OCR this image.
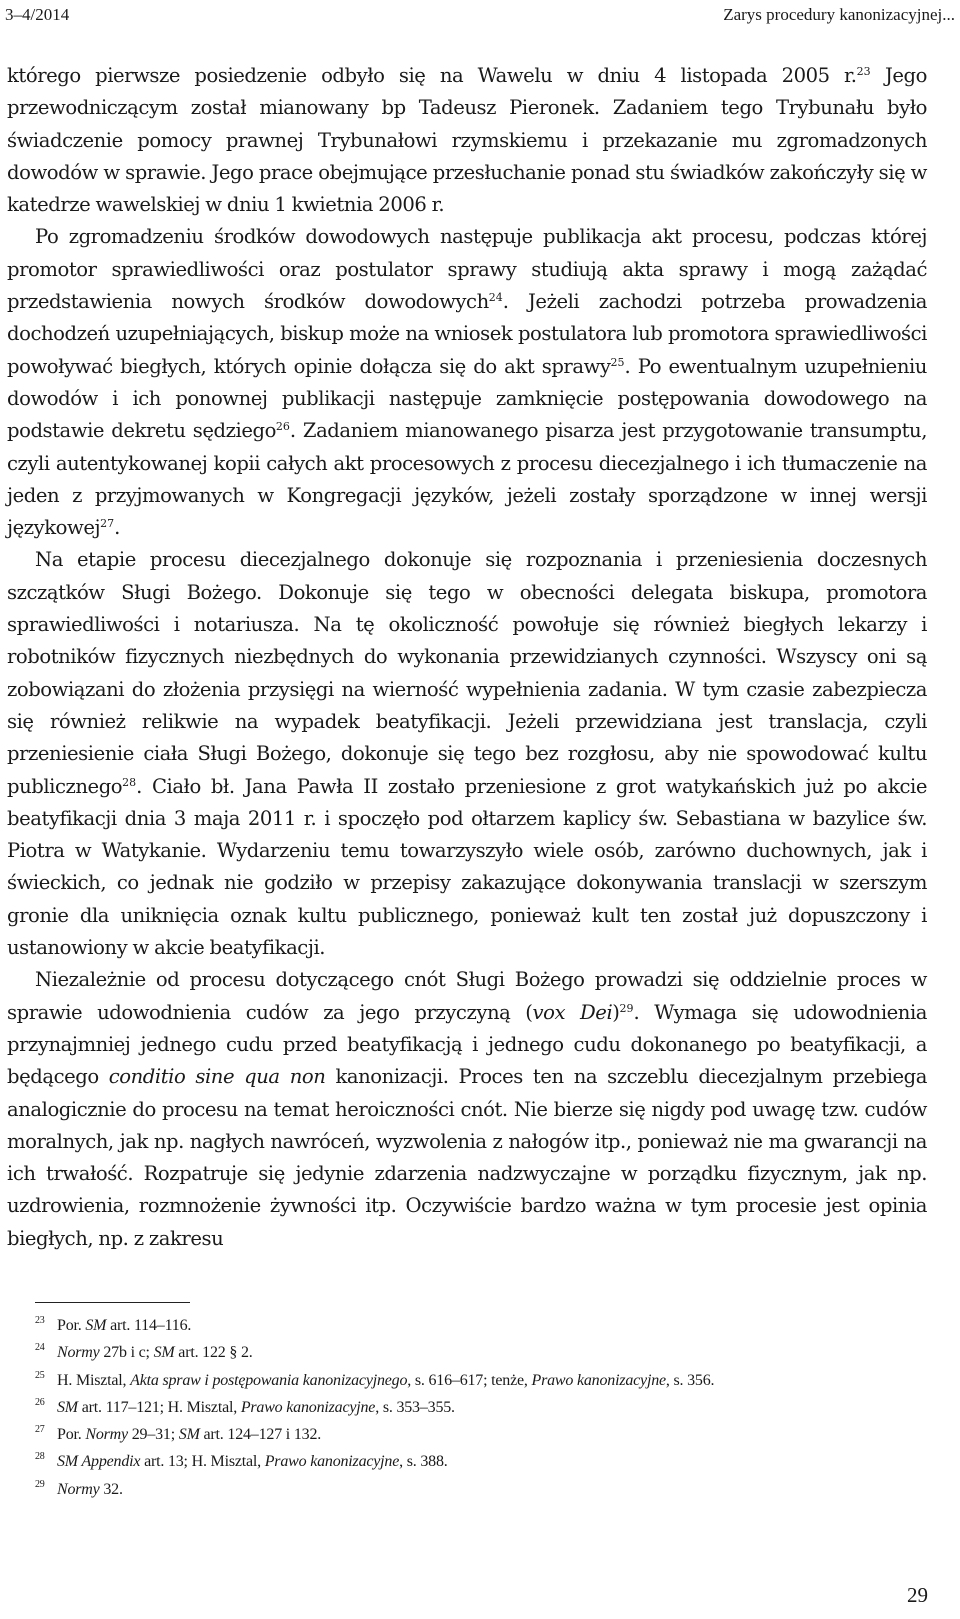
3–4/2014	Zarys procedury kanonizacyjnej...

którego pierwsze posiedzenie odbyło się na Wawelu w dniu 4 listopada 2005 r.$^{23}$ Jego przewodniczącym został mianowany bp Tadeusz Pieronek. Zadaniem tego Trybunału było świadczenie pomocy prawnej Trybunałowi rzymskiemu i przekazanie mu zgromadzonych dowodów w sprawie. Jego prace obejmujące przesłuchanie ponad stu świadków zakończyły się w katedrze wawelskiej w dniu 1 kwietnia 2006 r.

Po zgromadzeniu środków dowodowych następuje publikacja akt procesu, podczas której promotor sprawiedliwości oraz postulator sprawy studiują akta sprawy i mogą zażądać przedstawienia nowych środków dowodowych$^{24}$. Jeżeli zachodzi potrzeba prowadzenia dochodzeń uzupełniających, biskup może na wniosek postulatora lub promotora sprawiedliwości powoływać biegłych, których opinie dołącza się do akt sprawy$^{25}$. Po ewentualnym uzupełnieniu dowodów i ich ponownej publikacji następuje zamknięcie postępowania dowodowego na podstawie dekretu sędziego$^{26}$. Zadaniem mianowanego pisarza jest przygotowanie transumptu, czyli autentykowanej kopii całych akt procesowych z procesu diecezjalnego i ich tłumaczenie na jeden z przyjmowanych w Kongregacji języków, jeżeli zostały sporządzone w innej wersji językowej$^{27}$.

Na etapie procesu diecezjalnego dokonuje się rozpoznania i przeniesienia doczesnych szczątków Sługi Bożego. Dokonuje się tego w obecności delegata biskupa, promotora sprawiedliwości i notariusza. Na tę okoliczność powołuje się również biegłych lekarzy i robotników fizycznych niezbędnych do wykonania przewidzianych czynności. Wszyscy oni są zobowiązani do złożenia przysięgi na wierność wypełnienia zadania. W tym czasie zabezpiecza się również relikwie na wypadek beatyfikacji. Jeżeli przewidziana jest translacja, czyli przeniesienie ciała Sługi Bożego, dokonuje się tego bez rozgłosu, aby nie spowodować kultu publicznego$^{28}$. Ciało bł. Jana Pawła II zostało przeniesione z grot watykańskich już po akcie beatyfikacji dnia 3 maja 2011 r. i spoczęło pod ołtarzem kaplicy św. Sebastiana w bazylice św. Piotra w Watykanie. Wydarzeniu temu towarzyszyło wiele osób, zarówno duchownych, jak i świeckich, co jednak nie godziło w przepisy zakazujące dokonywania translacji w szerszym gronie dla uniknięcia oznak kultu publicznego, ponieważ kult ten został już dopuszczony i ustanowiony w akcie beatyfikacji.

Niezależnie od procesu dotyczącego cnót Sługi Bożego prowadzi się oddzielnie proces w sprawie udowodnienia cudów za jego przyczyną (vox Dei)$^{29}$. Wymaga się udowodnienia przynajmniej jednego cudu przed beatyfikacją i jednego cudu dokonanego po beatyfikacji, a będącego conditio sine qua non kanonizacji. Proces ten na szczeblu diecezjalnym przebiega analogicznie do procesu na temat heroiczności cnót. Nie bierze się nigdy pod uwagę tzw. cudów moralnych, jak np. nagłych nawróceń, wyzwolenia z nałogów itp., ponieważ nie ma gwarancji na ich trwałość. Rozpatruje się jedynie zdarzenia nadzwyczajne w porządku fizycznym, jak np. uzdrowienia, rozmnożenie żywności itp. Oczywiście bardzo ważna w tym procesie jest opinia biegłych, np. z zakresu

23 Por. SM art. 114–116.
24 Normy 27b i c; SM art. 122 § 2.
25 H. Misztal, Akta spraw i postępowania kanonizacyjnego, s. 616–617; tenże, Prawo kanonizacyjne, s. 356.
26 SM art. 117–121; H. Misztal, Prawo kanonizacyjne, s. 353–355.
27 Por. Normy 29–31; SM art. 124–127 i 132.
28 SM Appendix art. 13; H. Misztal, Prawo kanonizacyjne, s. 388.
29 Normy 32.
29
